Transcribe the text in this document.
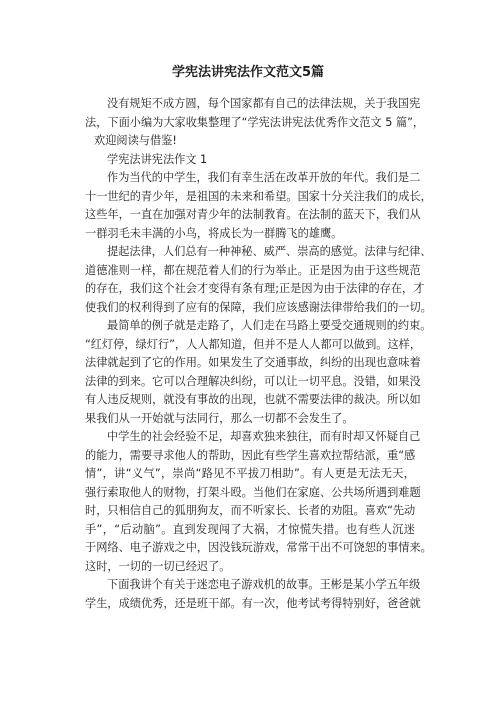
学宪法讲宪法作文范文5篇
没有规矩不成方圆，每个国家都有自己的法律法规，关于我国宪
法，下面小编为大家收集整理了“学宪法讲宪法优秀作文范文 5 篇”，
欢迎阅读与借鉴!
学宪法讲宪法作文 1
作为当代的中学生，我们有幸生活在改革开放的年代。我们是二
十一世纪的青少年，是祖国的未来和希望。国家十分关注我们的成长，
这些年，一直在加强对青少年的法制教育。在法制的蓝天下，我们从
一群羽毛未丰满的小鸟，将成长为一群腾飞的雄鹰。
提起法律，人们总有一种神秘、威严、崇高的感觉。法律与纪律、
道德准则一样，都在规范着人们的行为举止。正是因为由于这些规范
的存在，我们这个社会才变得有条有理;正是因为由于法律的存在，才
使我们的权利得到了应有的保障，我们应该感谢法律带给我们的一切。
最简单的例子就是走路了，人们走在马路上要受交通规则的约束。
“红灯停，绿灯行”，人人都知道，但并不是人人都可以做到。这样，
法律就起到了它的作用。如果发生了交通事故，纠纷的出现也意味着
法律的到来。它可以合理解决纠纷，可以让一切平息。没错，如果没
有人违反规则，就没有事故的出现，也就不需要法律的裁决。所以如
果我们从一开始就与法同行，那么一切都不会发生了。
中学生的社会经验不足，却喜欢独来独往，而有时却又怀疑自己
的能力，需要寻求他人的帮助，因此有些学生喜欢拉帮结派，重“感
情”，讲“义气”，崇尚“路见不平拔刀相助”。有人更是无法无天，
强行索取他人的财物，打架斗殴。当他们在家庭、公共场所遇到难题
时，只相信自己的狐朋狗友，而不听家长、长者的劝阻。喜欢“先动
手”，“后动脑”。直到发现闯了大祸，才惊慌失措。也有些人沉迷
于网络、电子游戏之中，因没钱玩游戏，常常干出不可饶恕的事情来。
这时，一切的一切已经迟了。
下面我讲个有关于迷恋电子游戏机的故事。王彬是某小学五年级
学生，成绩优秀，还是班干部。有一次，他考试考得特别好，爸爸就
